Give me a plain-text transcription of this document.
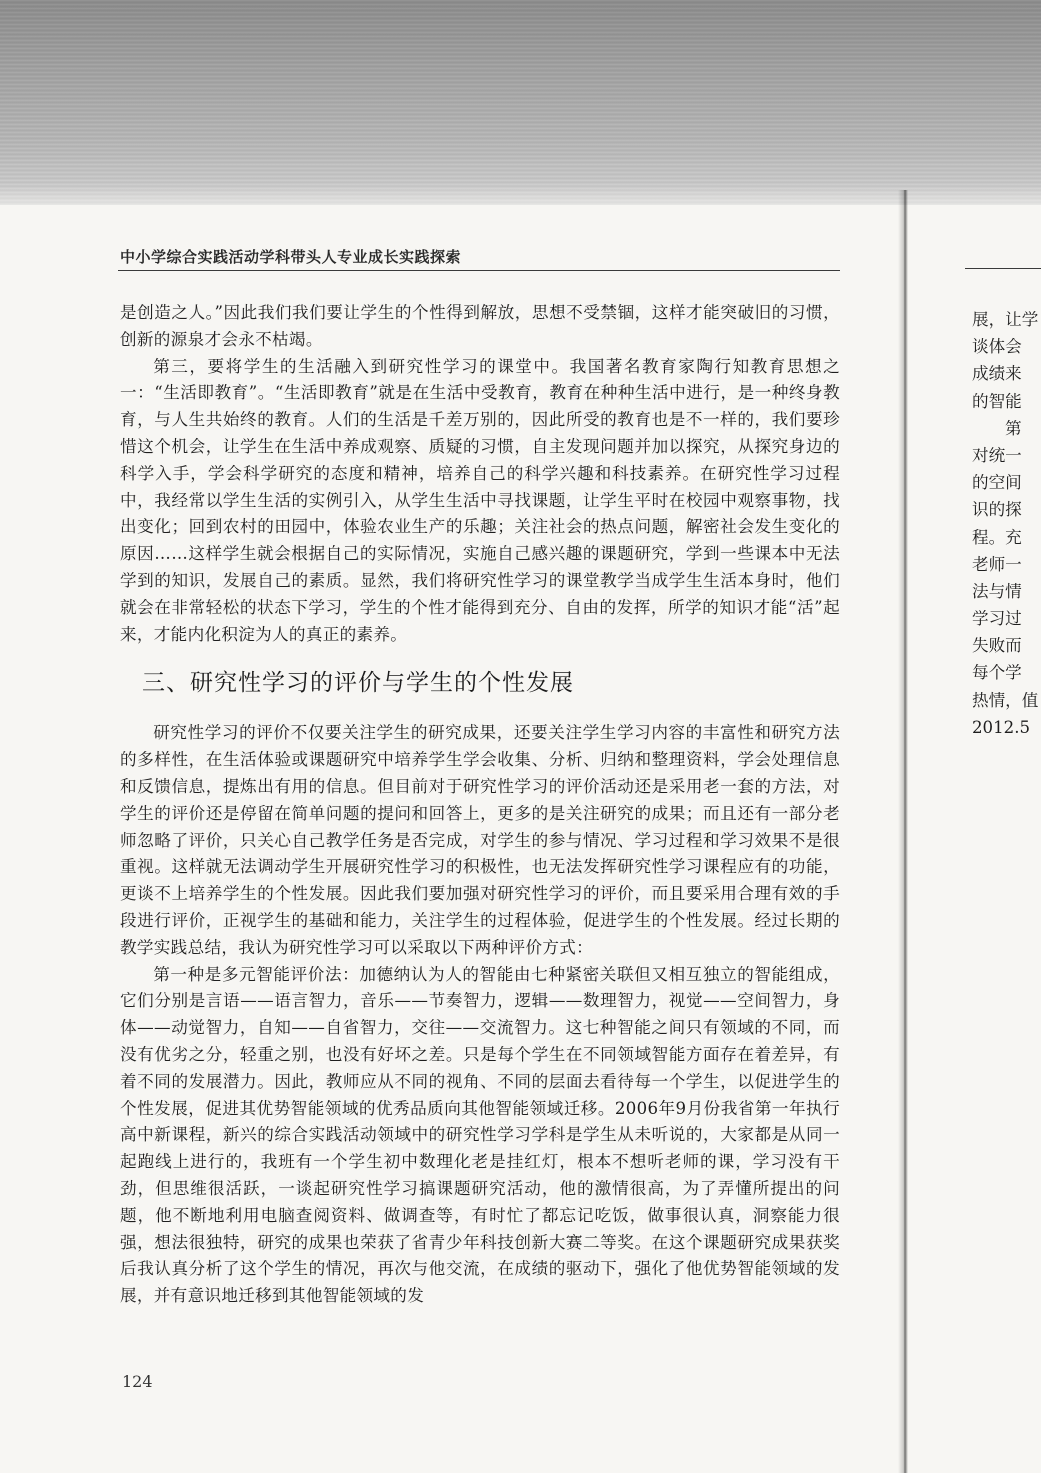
中小学综合实践活动学科带头人专业成长实践探索

是创造之人。”因此我们我们要让学生的个性得到解放，思想不受禁锢，这样才能突破旧的习惯，创新的源泉才会永不枯竭。

第三，要将学生的生活融入到研究性学习的课堂中。我国著名教育家陶行知教育思想之一：“生活即教育”。“生活即教育”就是在生活中受教育，教育在种种生活中进行，是一种终身教育，与人生共始终的教育。人们的生活是千差万别的，因此所受的教育也是不一样的，我们要珍惜这个机会，让学生在生活中养成观察、质疑的习惯，自主发现问题并加以探究，从探究身边的科学入手，学会科学研究的态度和精神，培养自己的科学兴趣和科技素养。在研究性学习过程中，我经常以学生生活的实例引入，从学生生活中寻找课题，让学生平时在校园中观察事物，找出变化；回到农村的田园中，体验农业生产的乐趣；关注社会的热点问题，解密社会发生变化的原因……这样学生就会根据自己的实际情况，实施自己感兴趣的课题研究，学到一些课本中无法学到的知识，发展自己的素质。显然，我们将研究性学习的课堂教学当成学生生活本身时，他们就会在非常轻松的状态下学习，学生的个性才能得到充分、自由的发挥，所学的知识才能“活”起来，才能内化积淀为人的真正的素养。

三、研究性学习的评价与学生的个性发展

研究性学习的评价不仅要关注学生的研究成果，还要关注学生学习内容的丰富性和研究方法的多样性，在生活体验或课题研究中培养学生学会收集、分析、归纳和整理资料，学会处理信息和反馈信息，提炼出有用的信息。但目前对于研究性学习的评价活动还是采用老一套的方法，对学生的评价还是停留在简单问题的提问和回答上，更多的是关注研究的成果；而且还有一部分老师忽略了评价，只关心自己教学任务是否完成，对学生的参与情况、学习过程和学习效果不是很重视。这样就无法调动学生开展研究性学习的积极性，也无法发挥研究性学习课程应有的功能，更谈不上培养学生的个性发展。因此我们要加强对研究性学习的评价，而且要采用合理有效的手段进行评价，正视学生的基础和能力，关注学生的过程体验，促进学生的个性发展。经过长期的教学实践总结，我认为研究性学习可以采取以下两种评价方式：

第一种是多元智能评价法：加德纳认为人的智能由七种紧密关联但又相互独立的智能组成，它们分别是言语——语言智力，音乐——节奏智力，逻辑——数理智力，视觉——空间智力，身体——动觉智力，自知——自省智力，交往——交流智力。这七种智能之间只有领域的不同，而没有优劣之分，轻重之别，也没有好坏之差。只是每个学生在不同领域智能方面存在着差异，有着不同的发展潜力。因此，教师应从不同的视角、不同的层面去看待每一个学生，以促进学生的个性发展，促进其优势智能领域的优秀品质向其他智能领域迁移。2006年9月份我省第一年执行高中新课程，新兴的综合实践活动领域中的研究性学习学科是学生从未听说的，大家都是从同一起跑线上进行的，我班有一个学生初中数理化老是挂红灯，根本不想听老师的课，学习没有干劲，但思维很活跃，一谈起研究性学习搞课题研究活动，他的激情很高，为了弄懂所提出的问题，他不断地利用电脑查阅资料、做调查等，有时忙了都忘记吃饭，做事很认真，洞察能力很强，想法很独特，研究的成果也荣获了省青少年科技创新大赛二等奖。在这个课题研究成果获奖后我认真分析了这个学生的情况，再次与他交流，在成绩的驱动下，强化了他优势智能领域的发展，并有意识地迁移到其他智能领域的发

124
展，让学
谈体会
成绩来
的智能
第
对统一
的空间
识的探
程。充
老师一
法与情
学习过
失败而
每个学
热情，值
2012.5
